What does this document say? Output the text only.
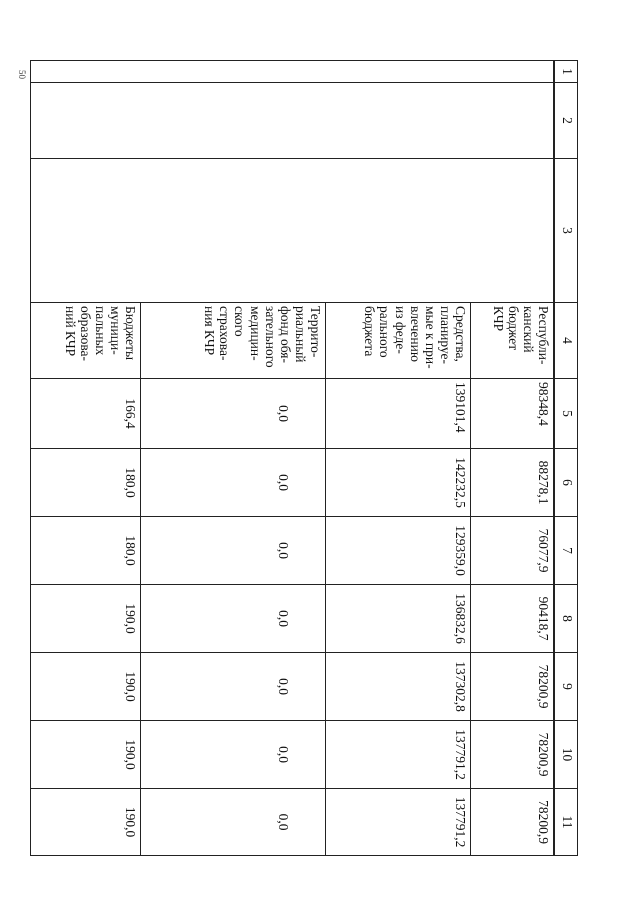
50	1	2	3	4	5	6	7	8	9	10	11
			Республи-канский бюджет КЧР	98348,4	88278,1	76077,9	90418,7	78200,9	78200,9	78200,9
			Средства, планируе-мые к при-влечению из феде-рального бюджета	139101,4	142232,5	129359,0	136832,6	137302,8	137791,2	137791,2
			Террито-риальный фонд обя-зательного медицин-ского страхова-ния КЧР	0,0	0,0	0,0	0,0	0,0	0,0	0,0
			Бюджеты муници-пальных образова-ний КЧР	166,4	180,0	180,0	190,0	190,0	190,0	190,0
